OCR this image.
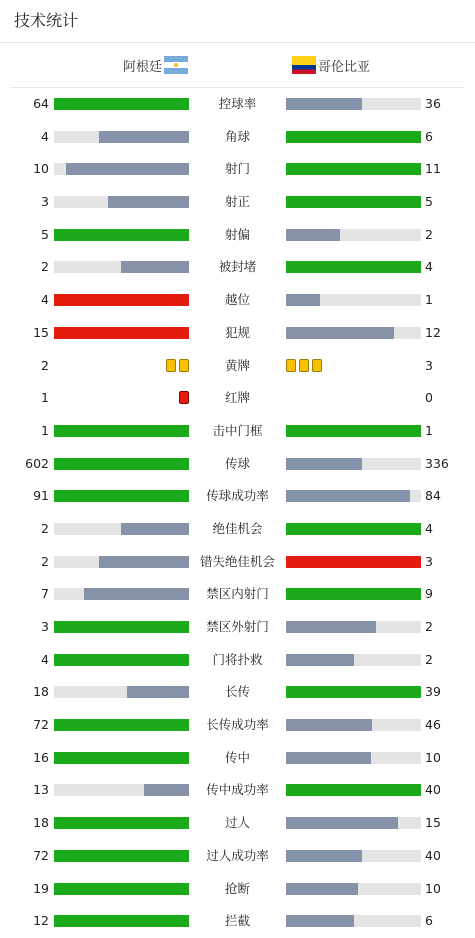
技术统计
阿根廷	哥伦比亚
64	控球率	36
4	角球	6
10	射门	11
3	射正	5
5	射偏	2
2	被封堵	4
4	越位	1
15	犯规	12
2	黄牌	3
1	红牌	0
1	击中门框	1
602	传球	336
91	传球成功率	84
2	绝佳机会	4
2	错失绝佳机会	3
7	禁区内射门	9
3	禁区外射门	2
4	门将扑救	2
18	长传	39
72	长传成功率	46
16	传中	10
13	传中成功率	40
18	过人	15
72	过人成功率	40
19	抢断	10
12	拦截	6
